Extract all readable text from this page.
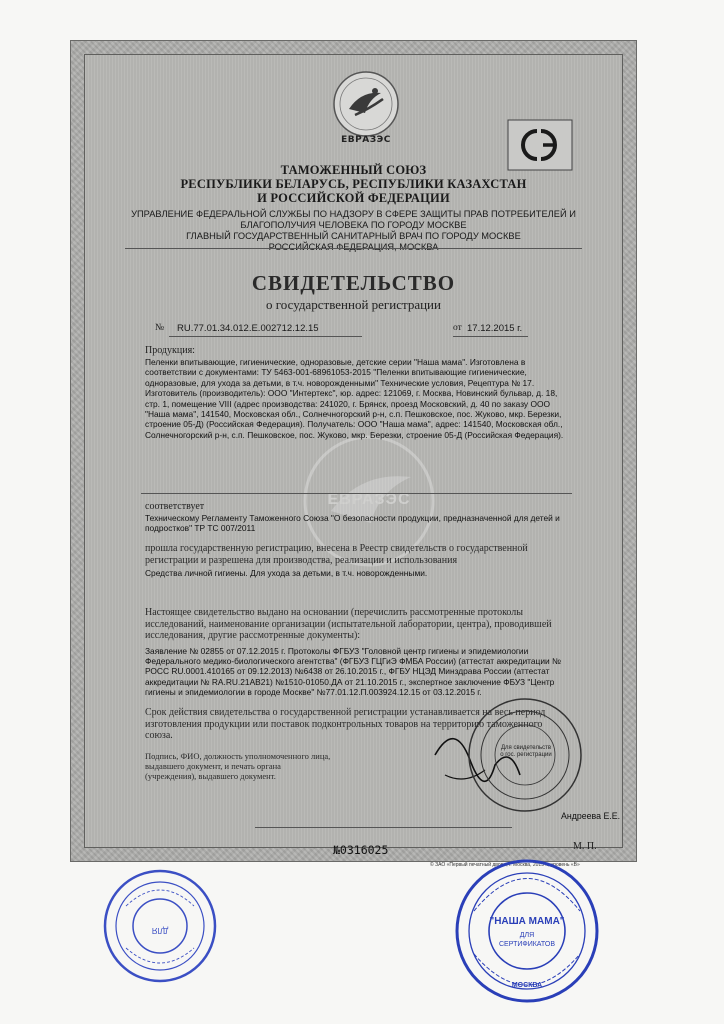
ЕВРАЗЭС
ТАМОЖЕННЫЙ СОЮЗ
РЕСПУБЛИКИ БЕЛАРУСЬ, РЕСПУБЛИКИ КАЗАХСТАН
И РОССИЙСКОЙ ФЕДЕРАЦИИ
УПРАВЛЕНИЕ ФЕДЕРАЛЬНОЙ СЛУЖБЫ ПО НАДЗОРУ В СФЕРЕ ЗАЩИТЫ ПРАВ ПОТРЕБИТЕЛЕЙ И
БЛАГОПОЛУЧИЯ ЧЕЛОВЕКА ПО ГОРОДУ МОСКВЕ
ГЛАВНЫЙ ГОСУДАРСТВЕННЫЙ САНИТАРНЫЙ ВРАЧ ПО ГОРОДУ МОСКВЕ
РОССИЙСКАЯ ФЕДЕРАЦИЯ, МОСКВА
СВИДЕТЕЛЬСТВО
о государственной регистрации
№ RU.77.01.34.012.Е.002712.12.15	от 17.12.2015 г.
ЕВРАЗЭС
Продукция:
Пеленки впитывающие, гигиенические, одноразовые, детские серии "Наша мама". Изготовлена в соответствии с документами: ТУ 5463-001-68961053-2015 "Пеленки впитывающие гигиенические, одноразовые, для ухода за детьми, в т.ч. новорожденными" Технические условия, Рецептура № 17. Изготовитель (производитель): ООО "Интертекс", юр. адрес: 121069, г. Москва, Новинский бульвар, д. 18, стр. 1, помещение VIII (адрес производства: 241020, г. Брянск, проезд Московский, д. 40 по заказу ООО "Наша мама", 141540, Московская обл., Солнечногорский р-н, с.п. Пешковское, пос. Жуково, мкр. Березки, строение 05-Д) (Российская Федерация). Получатель: ООО "Наша мама", адрес: 141540, Московская обл., Солнечногорский р-н, с.п. Пешковское, пос. Жуково, мкр. Березки, строение 05-Д (Российская Федерация).
соответствует
Техническому Регламенту Таможенного Союза "О безопасности продукции, предназначенной для детей и подростков" ТР ТС 007/2011
прошла государственную регистрацию, внесена в Реестр свидетельств о государственной регистрации и разрешена для производства, реализации и использования
Средства личной гигиены. Для ухода за детьми, в т.ч. новорожденными.
Настоящее свидетельство выдано на основании (перечислить рассмотренные протоколы исследований, наименование организации (испытательной лаборатории, центра), проводившей исследования, другие рассмотренные документы):
Заявление № 02855 от 07.12.2015 г. Протоколы ФГБУЗ "Головной центр гигиены и эпидемиологии Федерального медико-биологического агентства" (ФГБУЗ ГЦГиЭ ФМБА России) (аттестат аккредитации № РОСС RU.0001.410165 от 09.12.2013) №6438 от 26.10.2015 г., ФГБУ НЦЭД Минздрава России (аттестат аккредитации № RA.RU.21AB21) №1510-01050.ДА от 21.10.2015 г., экспертное заключение ФБУЗ "Центр гигиены и эпидемиологии в городе Москве" №77.01.12.П.003924.12.15 от 03.12.2015 г.
Срок действия свидетельства о государственной регистрации устанавливается на весь период изготовления продукции или поставок подконтрольных товаров на территорию таможенного союза.
Подпись, ФИО, должность уполномоченного лица, выдавшего документ, и печать органа (учреждения), выдавшего документ.
Для свидетельств о гос. регистрации
Андреева Е.Е.
№0316025	М. П.
© ЗАО «Первый печатный двор», г. Москва, 2013 г., уровень «В»
ДЛЯ
"НАША МАМА"
ДЛЯ
СЕРТИФИКАТОВ
МОСКВА
